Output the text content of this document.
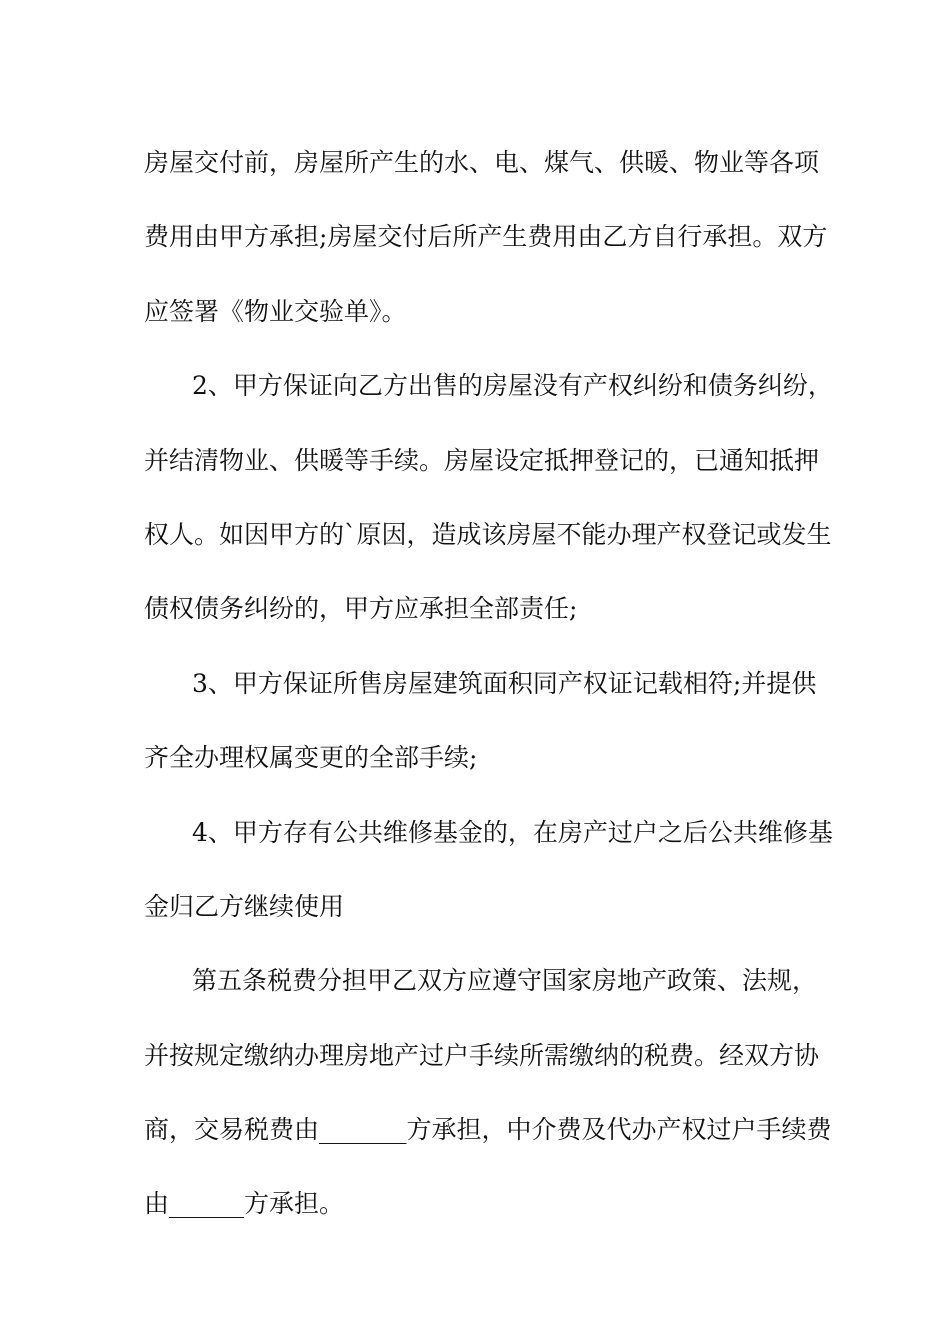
房屋交付前，房屋所产生的水、电、煤气、供暖、物业等各项
费用由甲方承担;房屋交付后所产生费用由乙方自行承担。双方
应签署《物业交验单》。
2、甲方保证向乙方出售的房屋没有产权纠纷和债务纠纷，
并结清物业、供暖等手续。房屋设定抵押登记的，已通知抵押
权人。如因甲方的`原因，造成该房屋不能办理产权登记或发生
债权债务纠纷的，甲方应承担全部责任;
3、甲方保证所售房屋建筑面积同产权证记载相符;并提供
齐全办理权属变更的全部手续;
4、甲方存有公共维修基金的，在房产过户之后公共维修基
金归乙方继续使用
第五条税费分担甲乙双方应遵守国家房地产政策、法规，
并按规定缴纳办理房地产过户手续所需缴纳的税费。经双方协
商，交易税费由_______方承担，中介费及代办产权过户手续费
由______方承担。
